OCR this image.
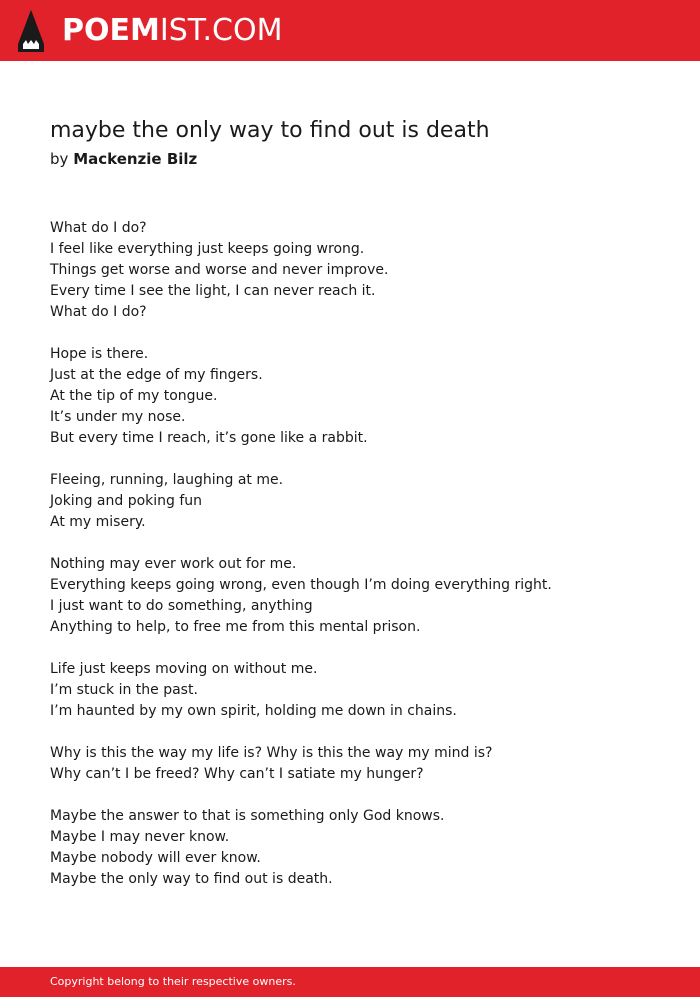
POEMIST.COM
maybe the only way to find out is death
by Mackenzie Bilz
What do I do?
I feel like everything just keeps going wrong.
Things get worse and worse and never improve.
Every time I see the light, I can never reach it.
What do I do?
Hope is there.
Just at the edge of my fingers.
At the tip of my tongue.
It’s under my nose.
But every time I reach, it’s gone like a rabbit.
Fleeing, running, laughing at me.
Joking and poking fun
At my misery.
Nothing may ever work out for me.
Everything keeps going wrong, even though I’m doing everything right.
I just want to do something, anything
Anything to help, to free me from this mental prison.
Life just keeps moving on without me.
I’m stuck in the past.
I’m haunted by my own spirit, holding me down in chains.
Why is this the way my life is? Why is this the way my mind is?
Why can’t I be freed? Why can’t I satiate my hunger?
Maybe the answer to that is something only God knows.
Maybe I may never know.
Maybe nobody will ever know.
Maybe the only way to find out is death.
Copyright belong to their respective owners.
